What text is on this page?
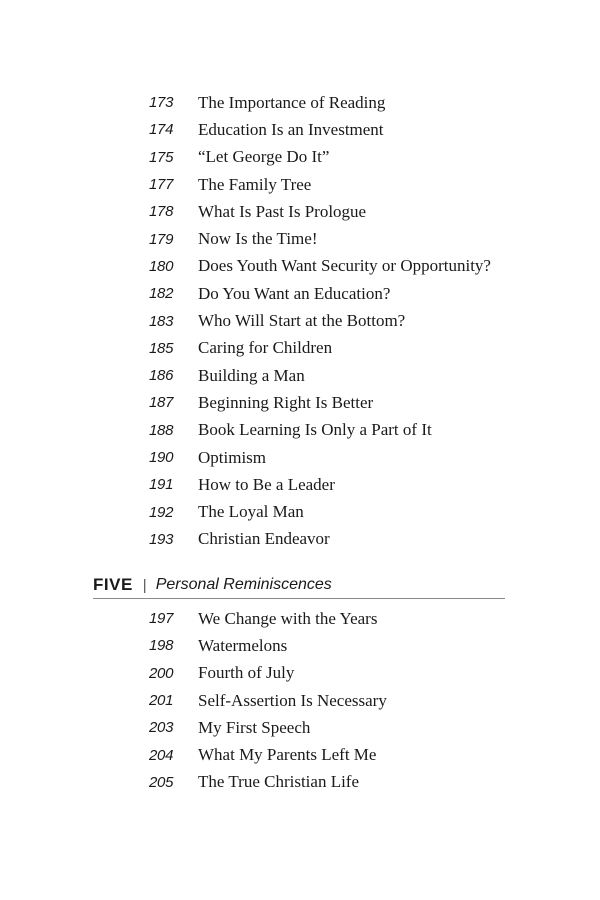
173	The Importance of Reading
174	Education Is an Investment
175	“Let George Do It”
177	The Family Tree
178	What Is Past Is Prologue
179	Now Is the Time!
180	Does Youth Want Security or Opportunity?
182	Do You Want an Education?
183	Who Will Start at the Bottom?
185	Caring for Children
186	Building a Man
187	Beginning Right Is Better
188	Book Learning Is Only a Part of It
190	Optimism
191	How to Be a Leader
192	The Loyal Man
193	Christian Endeavor
FIVE | Personal Reminiscences
197	We Change with the Years
198	Watermelons
200	Fourth of July
201	Self-Assertion Is Necessary
203	My First Speech
204	What My Parents Left Me
205	The True Christian Life
